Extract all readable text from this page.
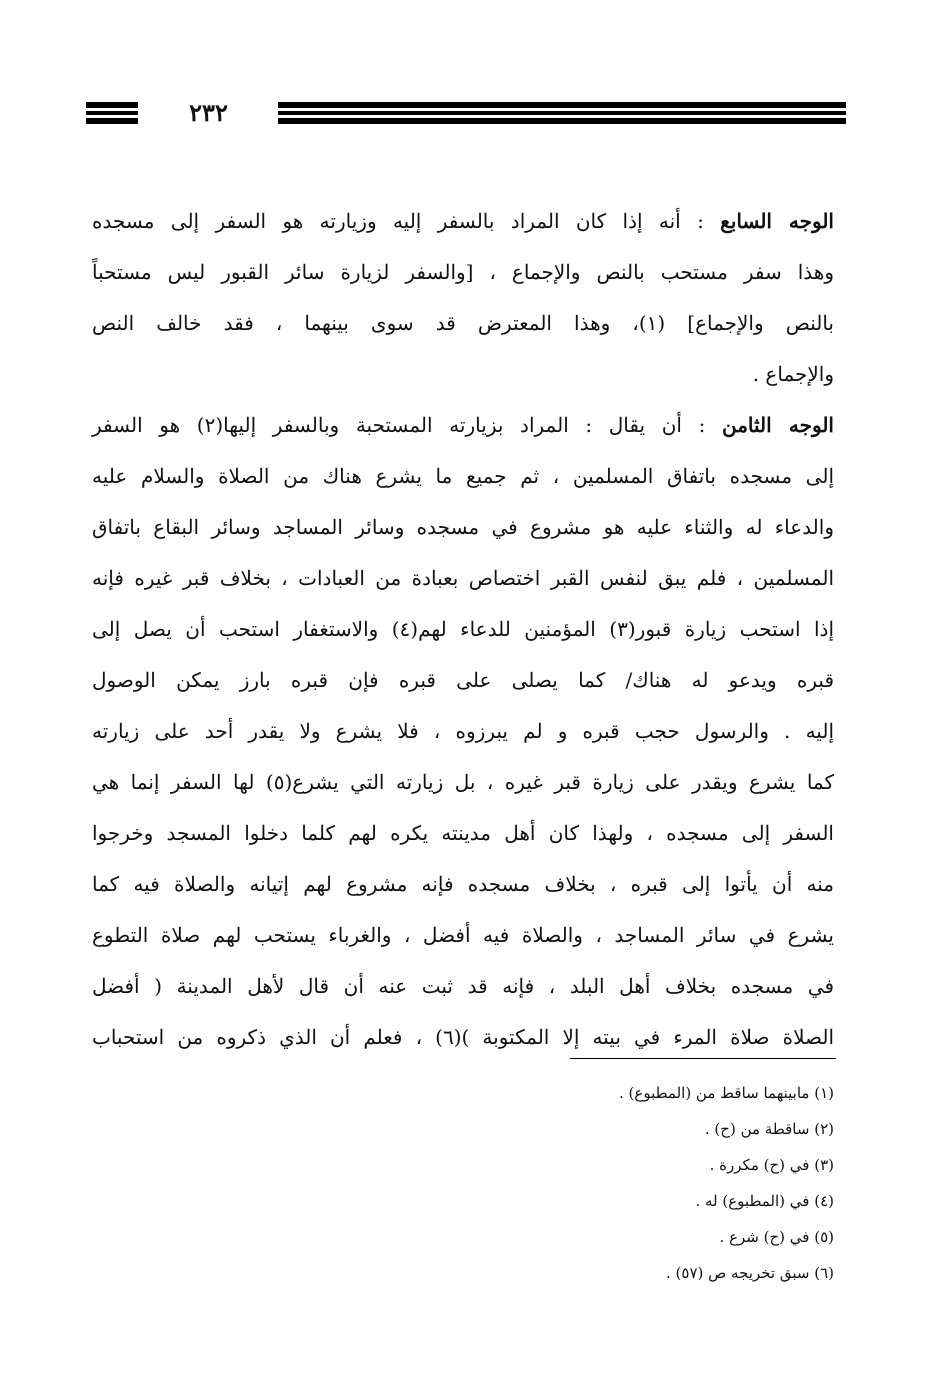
٢٣٢
الوجه السابع : أنه إذا كان المراد بالسفر إليه وزيارته هو السفر إلى مسجده
وهذا سفر مستحب بالنص والإجماع ، [والسفر لزيارة سائر القبور ليس مستحباً
بالنص والإجماع] (١)، وهذا المعترض قد سوى بينهما ، فقد خالف النص
والإجماع .
الوجه الثامن : أن يقال : المراد بزيارته المستحبة وبالسفر إليها(٢) هو السفر
إلى مسجده باتفاق المسلمين ، ثم جميع ما يشرع هناك من الصلاة والسلام عليه
والدعاء له والثناء عليه هو مشروع في مسجده وسائر المساجد وسائر البقاع باتفاق
المسلمين ، فلم يبق لنفس القبر اختصاص بعبادة من العبادات ، بخلاف قبر غيره فإنه
إذا استحب زيارة قبور(٣) المؤمنين للدعاء لهم(٤) والاستغفار استحب أن يصل إلى
قبره ويدعو له هناك/ كما يصلى على قبره فإن قبره بارز يمكن الوصول
إليه . والرسول حجب قبره و لم يبرزوه ، فلا يشرع ولا يقدر أحد على زيارته
كما يشرع ويقدر على زيارة قبر غيره ، بل زيارته التي يشرع(٥) لها السفر إنما هي
السفر إلى مسجده ، ولهذا كان أهل مدينته يكره لهم كلما دخلوا المسجد وخرجوا
منه أن يأتوا إلى قبره ، بخلاف مسجده فإنه مشروع لهم إتيانه والصلاة فيه كما
يشرع في سائر المساجد ، والصلاة فيه أفضل ، والغرباء يستحب لهم صلاة التطوع
في مسجده بخلاف أهل البلد ، فإنه قد ثبت عنه أن قال لأهل المدينة ( أفضل
الصلاة صلاة المرء في بيته إلا المكتوبة )(٦) ، فعلم أن الذي ذكروه من استحباب
(١) مابينهما ساقط من (المطبوع) .
(٢) ساقطة من (ح) .
(٣) في (ح) مكررة .
(٤) في (المطبوع) له .
(٥) في (ح) شرع .
(٦) سبق تخريجه ص (٥٧) .
